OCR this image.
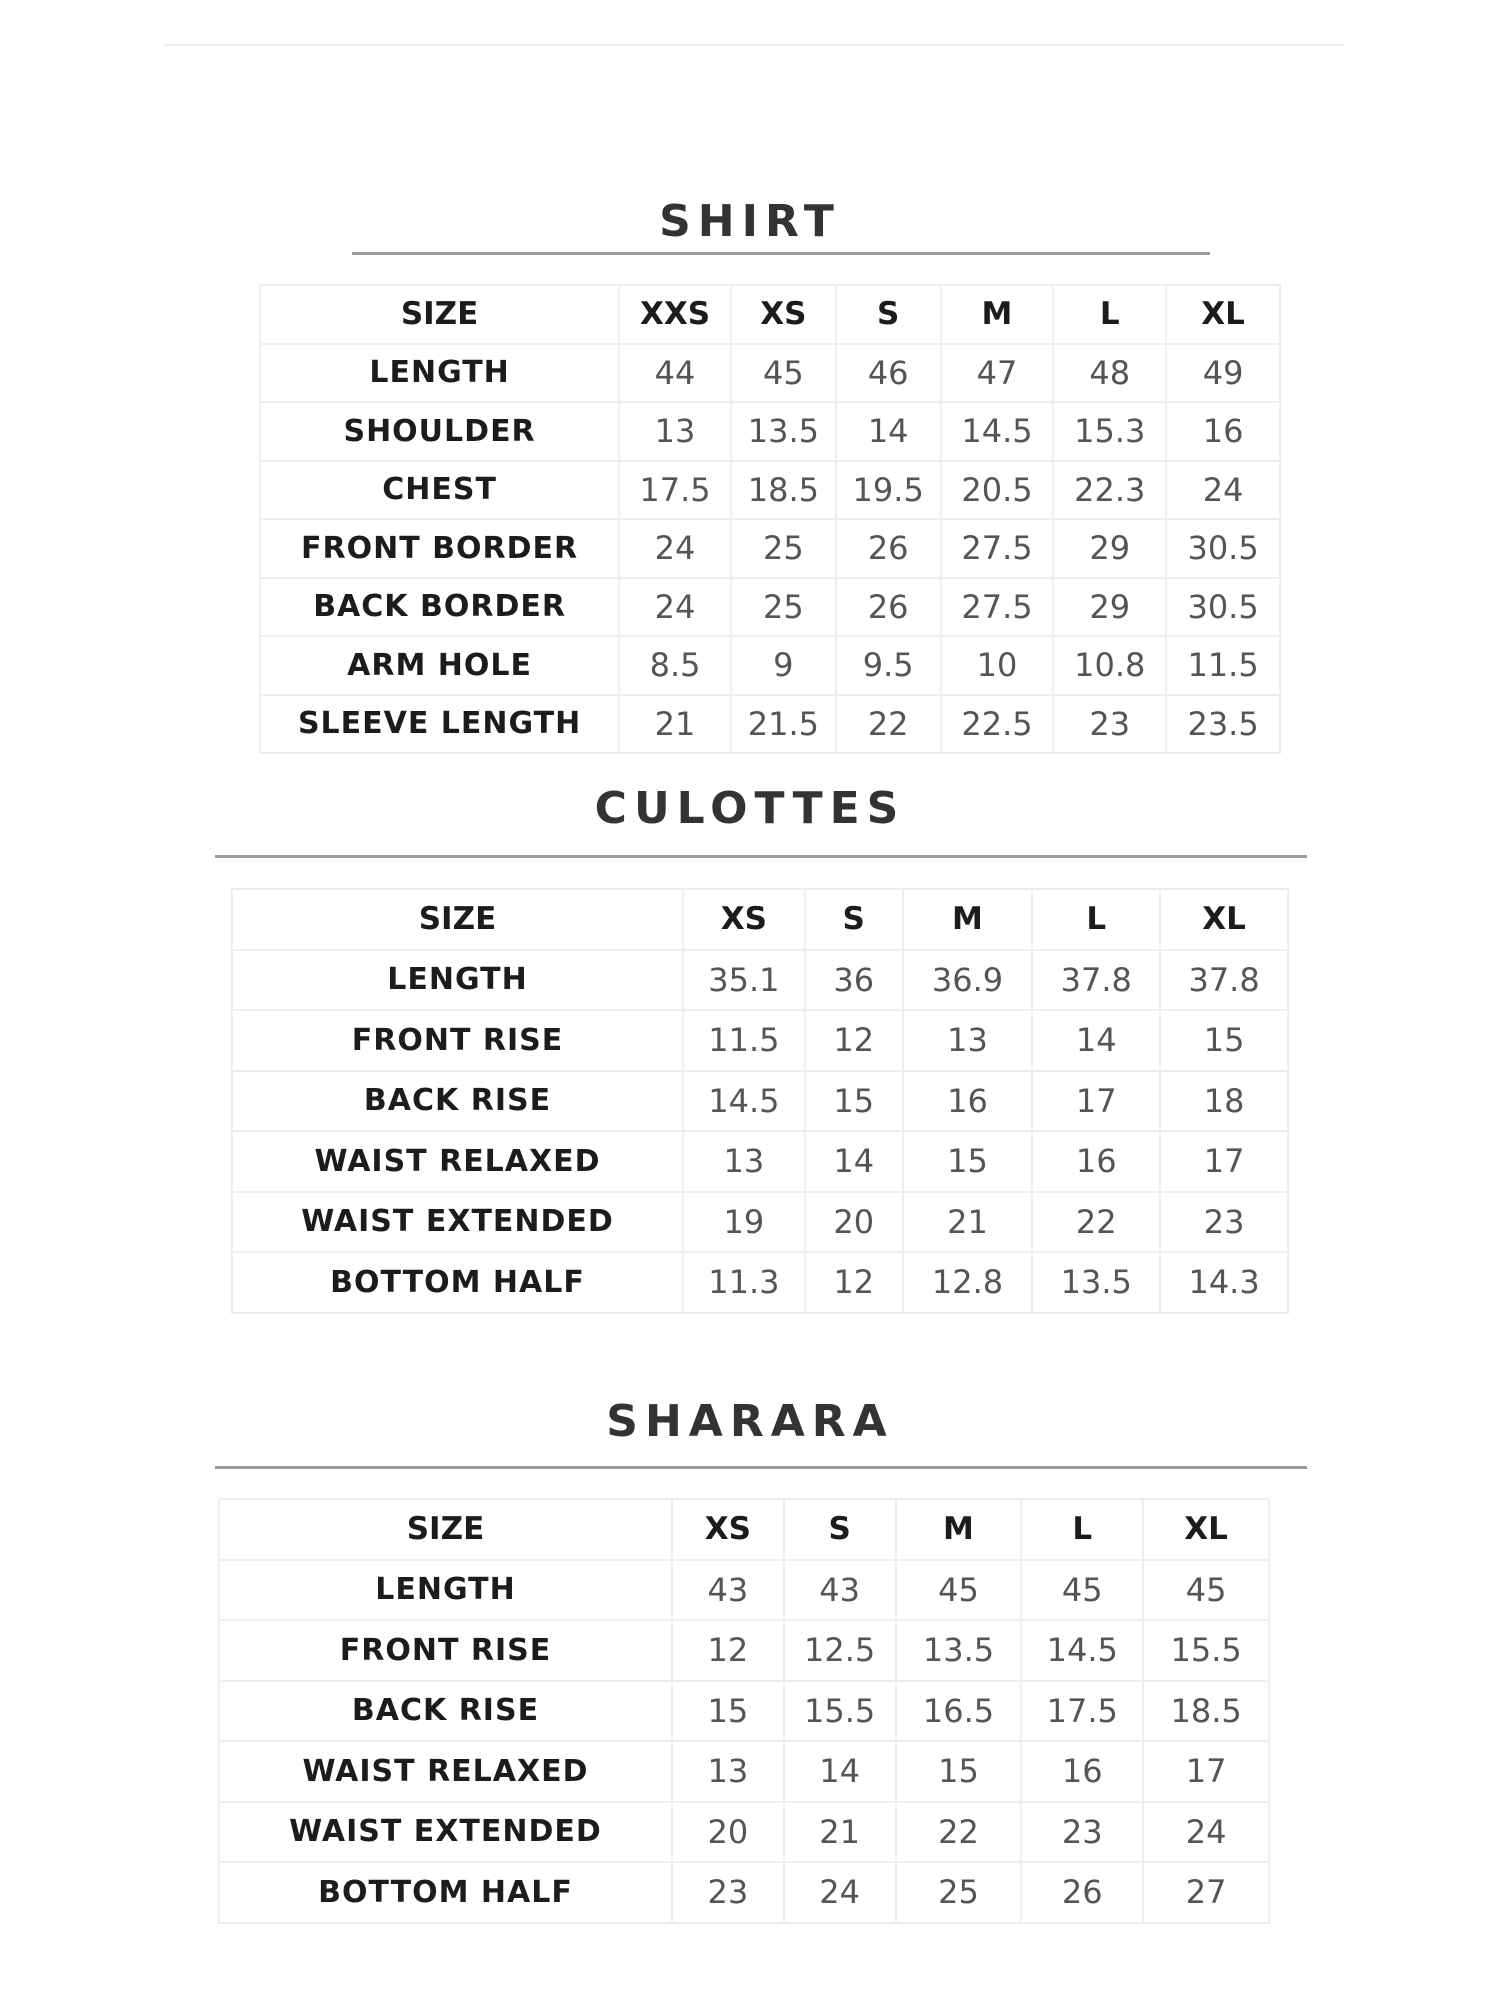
SHIRT
SIZE	XXS	XS	S	M	L	XL
LENGTH	44	45	46	47	48	49
SHOULDER	13	13.5	14	14.5	15.3	16
CHEST	17.5	18.5	19.5	20.5	22.3	24
FRONT BORDER	24	25	26	27.5	29	30.5
BACK BORDER	24	25	26	27.5	29	30.5
ARM HOLE	8.5	9	9.5	10	10.8	11.5
SLEEVE LENGTH	21	21.5	22	22.5	23	23.5
CULOTTES
SIZE	XS	S	M	L	XL
LENGTH	35.1	36	36.9	37.8	37.8
FRONT RISE	11.5	12	13	14	15
BACK RISE	14.5	15	16	17	18
WAIST RELAXED	13	14	15	16	17
WAIST EXTENDED	19	20	21	22	23
BOTTOM HALF	11.3	12	12.8	13.5	14.3
SHARARA
SIZE	XS	S	M	L	XL
LENGTH	43	43	45	45	45
FRONT RISE	12	12.5	13.5	14.5	15.5
BACK RISE	15	15.5	16.5	17.5	18.5
WAIST RELAXED	13	14	15	16	17
WAIST EXTENDED	20	21	22	23	24
BOTTOM HALF	23	24	25	26	27
